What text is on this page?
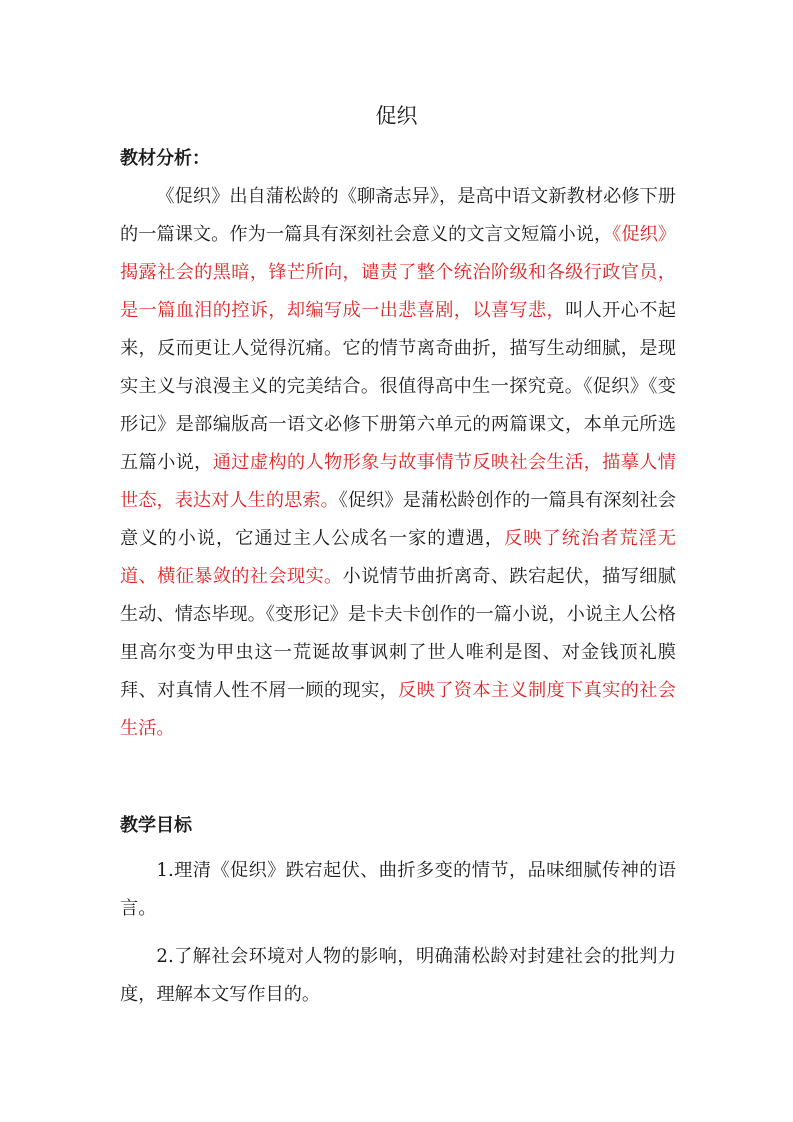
促织
教材分析：

《促织》出自蒲松龄的《聊斋志异》，是高中语文新教材必修下册的一篇课文。作为一篇具有深刻社会意义的文言文短篇小说，《促织》揭露社会的黑暗，锋芒所向，谴责了整个统治阶级和各级行政官员，是一篇血泪的控诉，却编写成一出悲喜剧，以喜写悲，叫人开心不起来，反而更让人觉得沉痛。它的情节离奇曲折，描写生动细腻，是现实主义与浪漫主义的完美结合。很值得高中生一探究竟。《促织》《变形记》是部编版高一语文必修下册第六单元的两篇课文，本单元所选五篇小说，通过虚构的人物形象与故事情节反映社会生活，描摹人情世态，表达对人生的思索。《促织》是蒲松龄创作的一篇具有深刻社会意义的小说，它通过主人公成名一家的遭遇，反映了统治者荒淫无道、横征暴敛的社会现实。小说情节曲折离奇、跌宕起伏，描写细腻生动、情态毕现。《变形记》是卡夫卡创作的一篇小说，小说主人公格里高尔变为甲虫这一荒诞故事讽刺了世人唯利是图、对金钱顶礼膜拜、对真情人性不屑一顾的现实，反映了资本主义制度下真实的社会生活。

教学目标

1.理清《促织》跌宕起伏、曲折多变的情节，品味细腻传神的语言。

2.了解社会环境对人物的影响，明确蒲松龄对封建社会的批判力度，理解本文写作目的。
